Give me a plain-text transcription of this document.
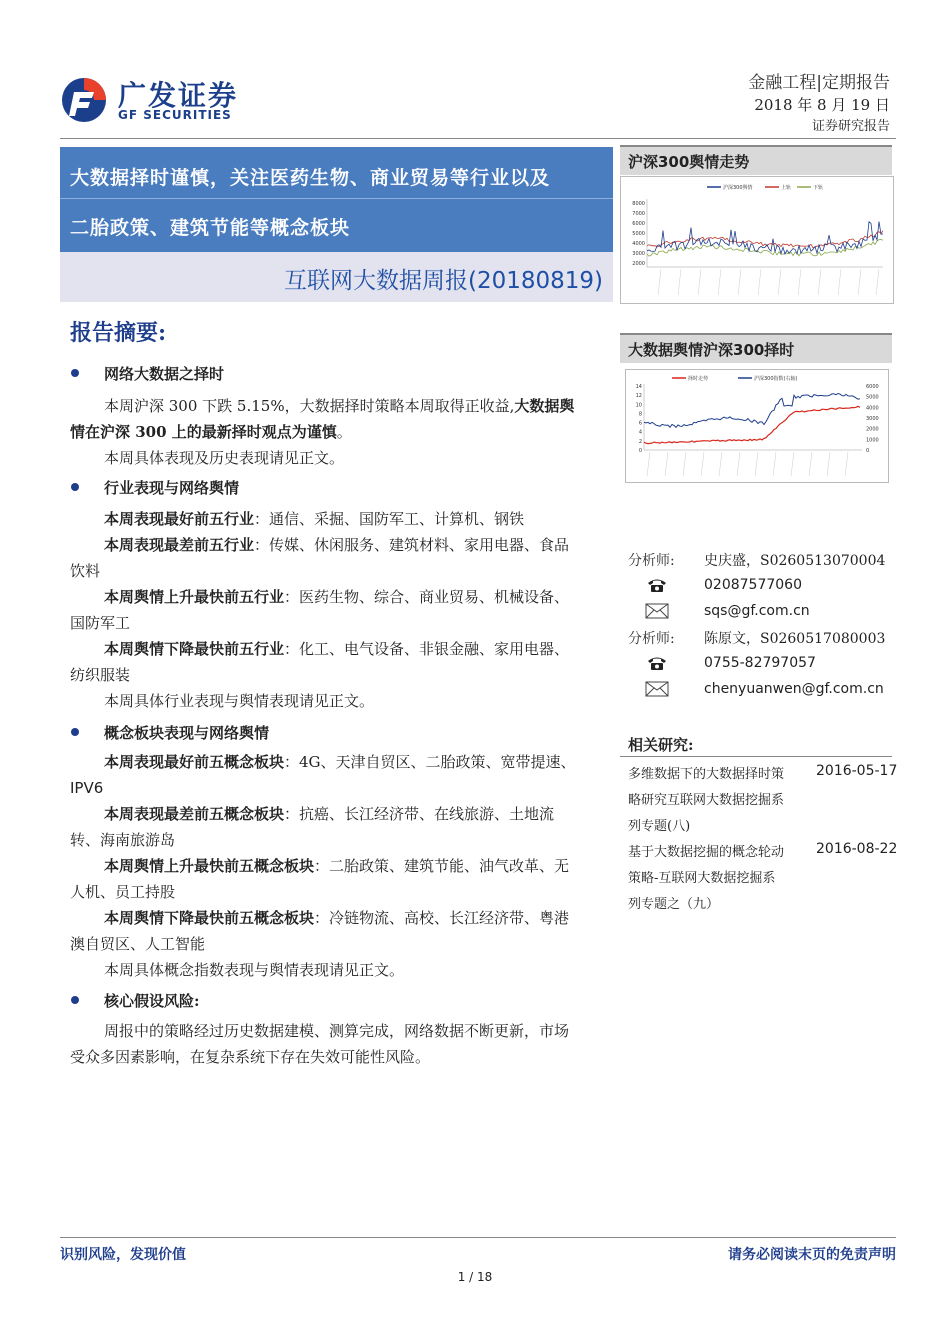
广发证券
GF SECURITIES
金融工程|定期报告
2018 年 8 月 19 日
证券研究报告
大数据择时谨慎，关注医药生物、商业贸易等行业以及
二胎政策、建筑节能等概念板块
互联网大数据周报(20180819)
报告摘要:
网络大数据之择时
本周沪深 300 下跌 5.15%，大数据择时策略本周取得正收益,大数据舆
情在沪深 300 上的最新择时观点为谨慎。
本周具体表现及历史表现请见正文。
行业表现与网络舆情
本周表现最好前五行业：通信、采掘、国防军工、计算机、钢铁
本周表现最差前五行业：传媒、休闲服务、建筑材料、家用电器、食品
饮料
本周舆情上升最快前五行业：医药生物、综合、商业贸易、机械设备、
国防军工
本周舆情下降最快前五行业：化工、电气设备、非银金融、家用电器、
纺织服装
本周具体行业表现与舆情表现请见正文。
概念板块表现与网络舆情
本周表现最好前五概念板块：4G、天津自贸区、二胎政策、宽带提速、
IPV6
本周表现最差前五概念板块：抗癌、长江经济带、在线旅游、土地流
转、海南旅游岛
本周舆情上升最快前五概念板块：二胎政策、建筑节能、油气改革、无
人机、员工持股
本周舆情下降最快前五概念板块：冷链物流、高校、长江经济带、粤港
澳自贸区、人工智能
本周具体概念指数表现与舆情表现请见正文。
核心假设风险:
周报中的策略经过历史数据建模、测算完成，网络数据不断更新，市场
受众多因素影响，在复杂系统下存在失效可能性风险。
沪深300舆情走势
8000
7000
6000
5000
4000
3000
2000
沪深300舆情	上轨	下轨
大数据舆情沪深300择时
14
12
10
8
6
4
2
0
6000
5000
4000
3000
2000
1000
0
择时走势	沪深300指数(右轴)
分析师: 史庆盛，S0260513070004
02087577060
sqs@gf.com.cn
分析师: 陈原文，S0260517080003
0755-82797057
chenyuanwen@gf.com.cn
相关研究:
多维数据下的大数据择时策
略研究互联网大数据挖掘系
列专题(八)
2016-05-17
基于大数据挖掘的概念轮动
策略-互联网大数据挖掘系
列专题之（九）
2016-08-22
识别风险，发现价值	请务必阅读末页的免责声明
1 / 18
